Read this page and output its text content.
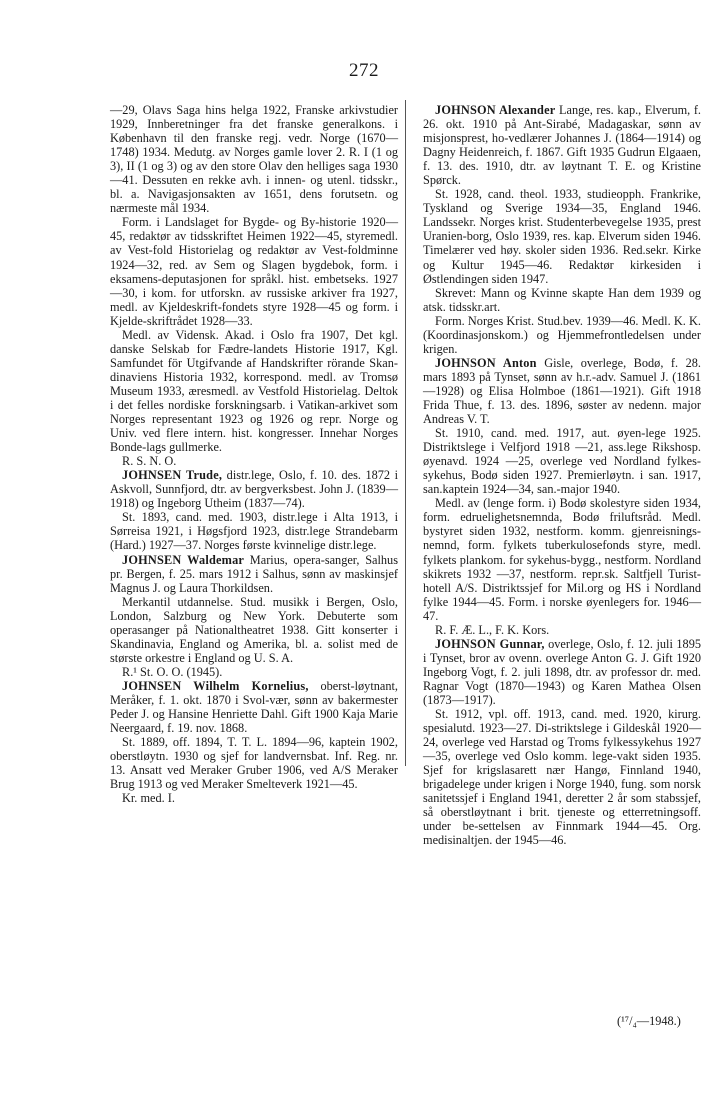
272

—29, Olavs Saga hins helga 1922, Franske arkivstudier 1929, Innberetninger fra det franske generalkons. i København til den franske regj. vedr. Norge (1670—1748) 1934. Medutg. av Norges gamle lover 2. R. I (1 og 3), II (1 og 3) og av den store Olav den helliges saga 1930—41. Dessuten en rekke avh. i innen- og utenl. tidsskr., bl. a. Navigasjonsakten av 1651, dens forutsetn. og nærmeste mål 1934.

Form. i Landslaget for Bygde- og By-historie 1920—45, redaktør av tidsskriftet Heimen 1922—45, styremedl. av Vest-fold Historielag og redaktør av Vest-foldminne 1924—32, red. av Sem og Slagen bygdebok, form. i eksamens-deputasjonen for språkl. hist. embetseks. 1927—30, i kom. for utforskn. av russiske arkiver fra 1927, medl. av Kjeldeskrift-fondets styre 1928—45 og form. i Kjelde-skriftrådet 1928—33.

Medl. av Vidensk. Akad. i Oslo fra 1907, Det kgl. danske Selskab for Fædre-landets Historie 1917, Kgl. Samfundet för Utgifvande af Handskrifter rörande Skan-dinaviens Historia 1932, korrespond. medl. av Tromsø Museum 1933, æresmedl. av Vestfold Historielag. Deltok i det felles nordiske forskningsarb. i Vatikan-arkivet som Norges representant 1923 og 1926 og repr. Norge og Univ. ved flere intern. hist. kongresser. Innehar Norges Bonde-lags gullmerke.

R. S. N. O.

JOHNSEN Trude, distr.lege, Oslo, f. 10. des. 1872 i Askvoll, Sunnfjord, dtr. av bergverksbest. John J. (1839—1918) og Ingeborg Utheim (1837—74).

St. 1893, cand. med. 1903, distr.lege i Alta 1913, i Sørreisa 1921, i Høgsfjord 1923, distr.lege Strandebarm (Hard.) 1927—37. Norges første kvinnelige distr.lege.

JOHNSEN Waldemar Marius, opera-sanger, Salhus pr. Bergen, f. 25. mars 1912 i Salhus, sønn av maskinsjef Magnus J. og Laura Thorkildsen.

Merkantil utdannelse. Stud. musikk i Bergen, Oslo, London, Salzburg og New York. Debuterte som operasanger på Nationaltheatret 1938. Gitt konserter i Skandinavia, England og Amerika, bl. a. solist med de største orkestre i England og U. S. A.

R.¹ St. O. O. (1945).

JOHNSEN Wilhelm Kornelius, oberst-løytnant, Meråker, f. 1. okt. 1870 i Svol-vær, sønn av bakermester Peder J. og Hansine Henriette Dahl. Gift 1900 Kaja Marie Neergaard, f. 19. nov. 1868.

St. 1889, off. 1894, T. T. L. 1894—96, kaptein 1902, oberstløytn. 1930 og sjef for landvernsbat. Inf. Reg. nr. 13. Ansatt ved Meraker Gruber 1906, ved A/S Meraker Brug 1913 og ved Meraker Smelteverk 1921—45.

Kr. med. I.

JOHNSON Alexander Lange, res. kap., Elverum, f. 26. okt. 1910 på Ant-Sirabé, Madagaskar, sønn av misjonsprest, ho-vedlærer Johannes J. (1864—1914) og Dagny Heidenreich, f. 1867. Gift 1935 Gudrun Elgaaen, f. 13. des. 1910, dtr. av løytnant T. E. og Kristine Spørck.

St. 1928, cand. theol. 1933, studieopph. Frankrike, Tyskland og Sverige 1934—35, England 1946. Landssekr. Norges krist. Studenterbevegelse 1935, prest Uranien-borg, Oslo 1939, res. kap. Elverum siden 1946. Timelærer ved høy. skoler siden 1936. Red.sekr. Kirke og Kultur 1945—46. Redaktør kirkesiden i Østlendingen siden 1947.

Skrevet: Mann og Kvinne skapte Han dem 1939 og atsk. tidsskr.art.

Form. Norges Krist. Stud.bev. 1939—46. Medl. K. K. (Koordinasjonskom.) og Hjemmefrontledelsen under krigen.

JOHNSON Anton Gisle, overlege, Bodø, f. 28. mars 1893 på Tynset, sønn av h.r.-adv. Samuel J. (1861—1928) og Elisa Holmboe (1861—1921). Gift 1918 Frida Thue, f. 13. des. 1896, søster av nedenn. major Andreas V. T.

St. 1910, cand. med. 1917, aut. øyen-lege 1925. Distriktslege i Velfjord 1918 —21, ass.lege Rikshosp. øyenavd. 1924 —25, overlege ved Nordland fylkes-sykehus, Bodø siden 1927. Premierløytn. i san. 1917, san.kaptein 1924—34, san.-major 1940.

Medl. av (lenge form. i) Bodø skolestyre siden 1934, form. edruelighetsnemnda, Bodø friluftsråd. Medl. bystyret siden 1932, nestform. komm. gjenreisnings-nemnd, form. fylkets tuberkulosefonds styre, medl. fylkets plankom. for sykehus-bygg., nestform. Nordland skikrets 1932 —37, nestform. repr.sk. Saltfjell Turist-hotell A/S. Distriktssjef for Mil.org og HS i Nordland fylke 1944—45. Form. i norske øyenlegers for. 1946—47.

R. F. Æ. L., F. K. Kors.

JOHNSON Gunnar, overlege, Oslo, f. 12. juli 1895 i Tynset, bror av ovenn. overlege Anton G. J. Gift 1920 Ingeborg Vogt, f. 2. juli 1898, dtr. av professor dr. med. Ragnar Vogt (1870—1943) og Karen Mathea Olsen (1873—1917).

St. 1912, vpl. off. 1913, cand. med. 1920, kirurg. spesialutd. 1923—27. Di-striktslege i Gildeskål 1920—24, overlege ved Harstad og Troms fylkessykehus 1927—35, overlege ved Oslo komm. lege-vakt siden 1935. Sjef for krigslasarett nær Hangø, Finnland 1940, brigadelege under krigen i Norge 1940, fung. som norsk sanitetssjef i England 1941, deretter 2 år som stabssjef, så oberstløytnant i brit. tjeneste og etterretningsoff. under be-settelsen av Finnmark 1944—45. Org. medisinaltjen. der 1945—46.

(¹⁷/₄—1948.)
